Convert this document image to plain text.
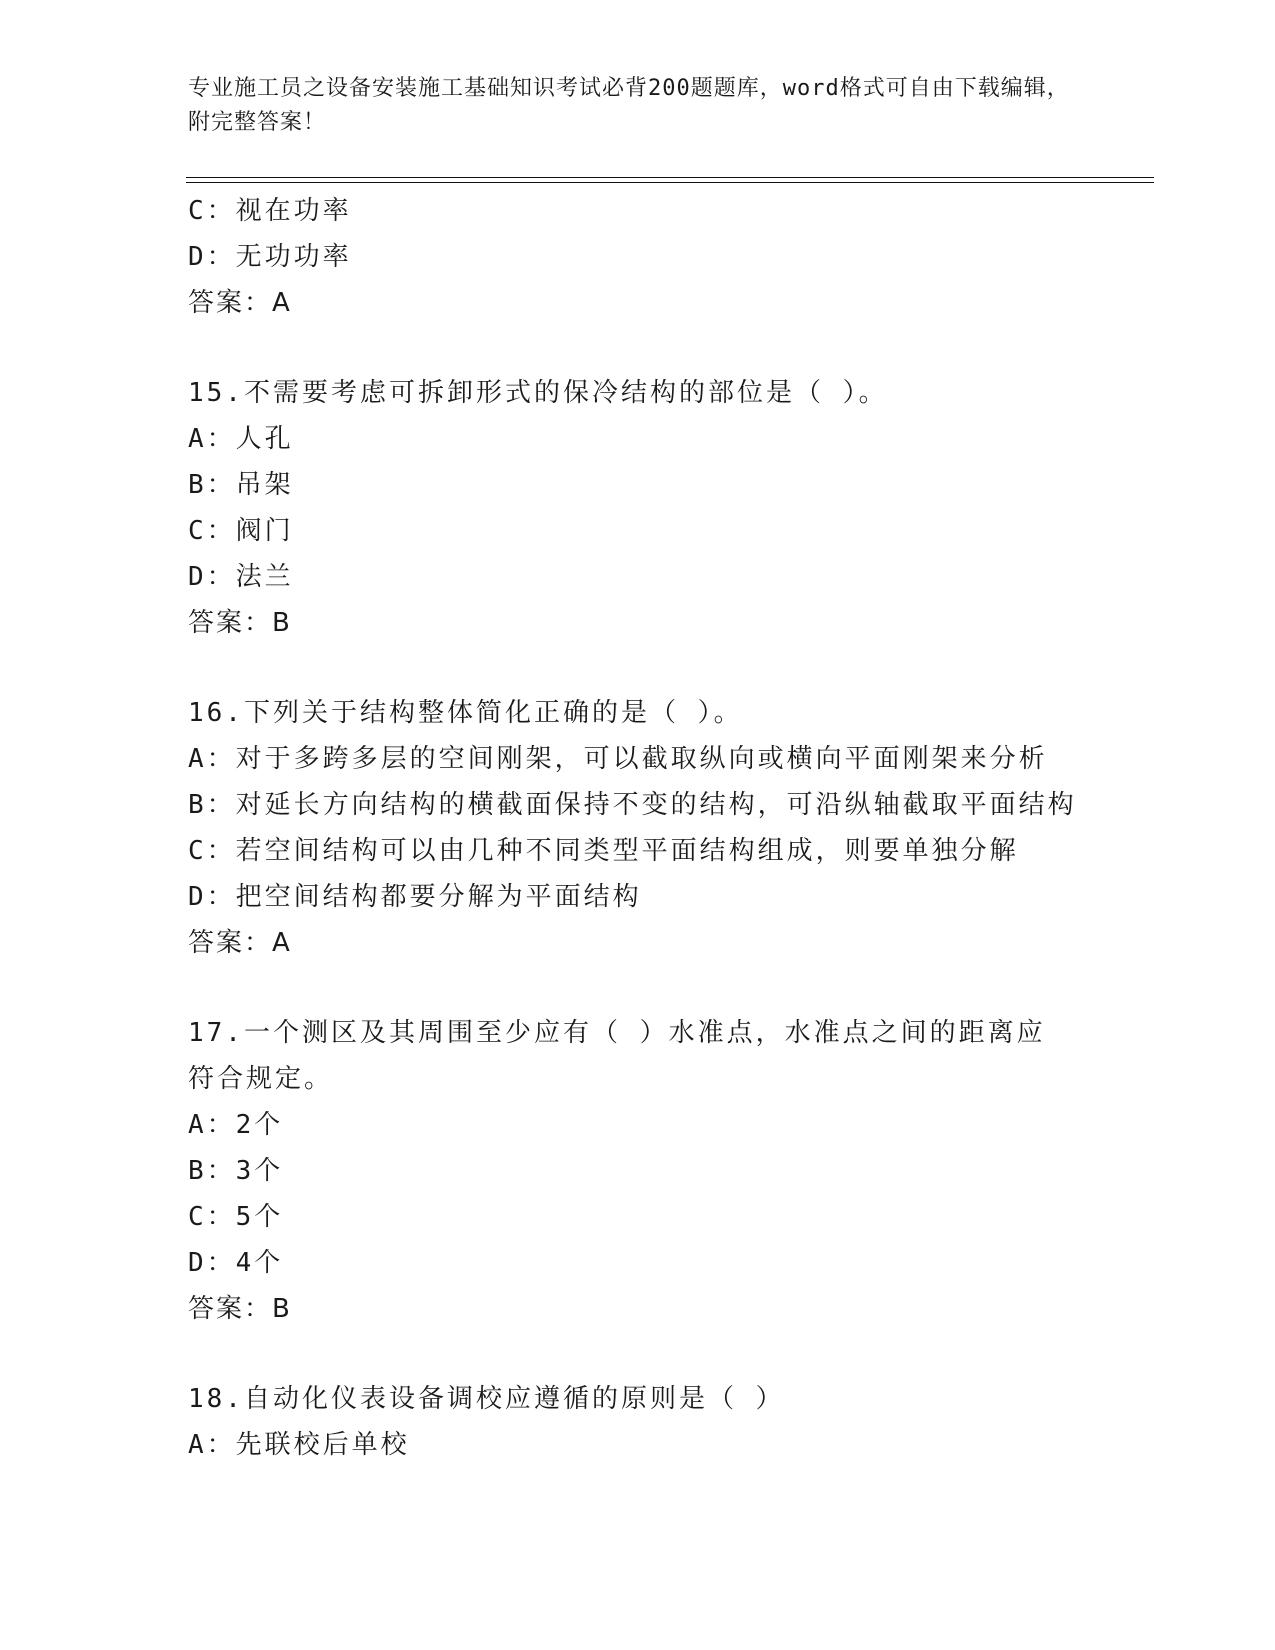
专业施工员之设备安装施工基础知识考试必背200题题库，word格式可自由下载编辑，附完整答案！
C：视在功率
D：无功功率
答案：A
15.不需要考虑可拆卸形式的保冷结构的部位是（ ）。
A：人孔
B：吊架
C：阀门
D：法兰
答案：B
16.下列关于结构整体简化正确的是（ ）。
A：对于多跨多层的空间刚架，可以截取纵向或横向平面刚架来分析
B：对延长方向结构的横截面保持不变的结构，可沿纵轴截取平面结构
C：若空间结构可以由几种不同类型平面结构组成，则要单独分解
D：把空间结构都要分解为平面结构
答案：A
17.一个测区及其周围至少应有（ ）水准点，水准点之间的距离应符合规定。
A：2个
B：3个
C：5个
D：4个
答案：B
18.自动化仪表设备调校应遵循的原则是（ ）
A：先联校后单校
